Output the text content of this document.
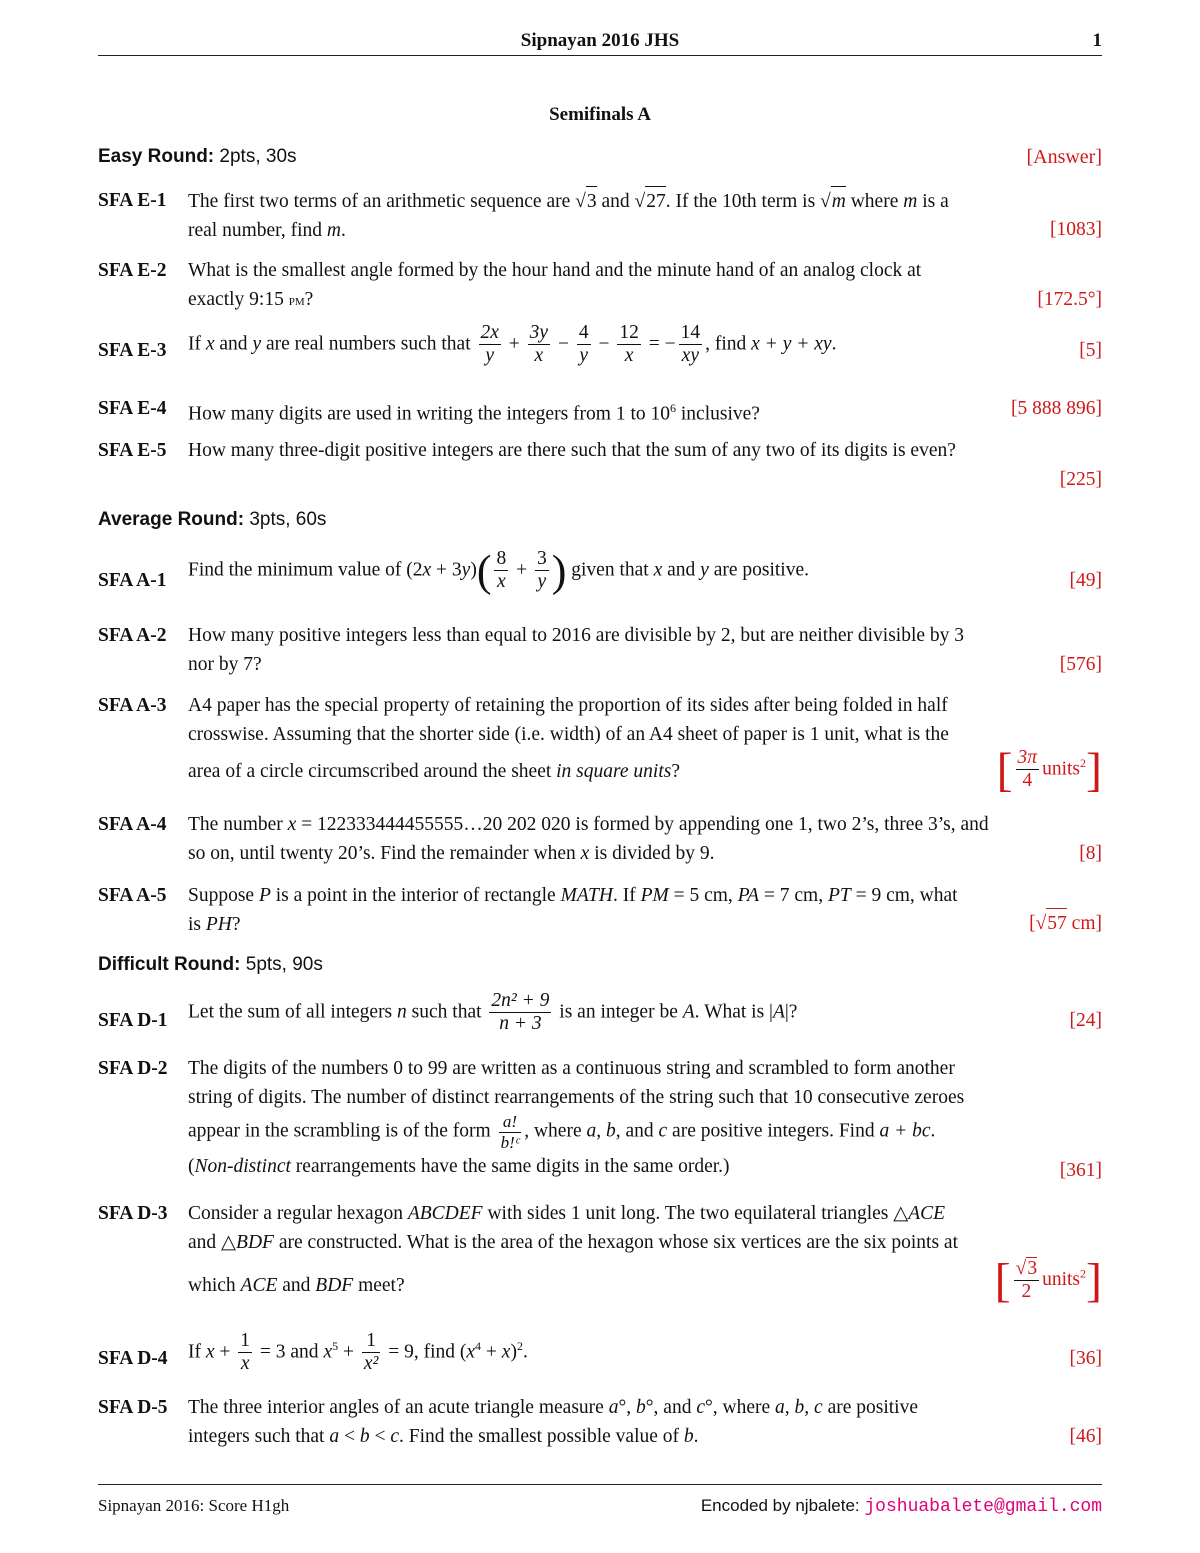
Sipnayan 2016 JHS	1
Semifinals A
Easy Round: 2pts, 30s	[Answer]
SFA E-1 The first two terms of an arithmetic sequence are √3 and √27. If the 10th term is √m where m is a
real number, find m.	[1083]
SFA E-2 What is the smallest angle formed by the hour hand and the minute hand of an analog clock at
exactly 9:15 pm?	[172.5°]
SFA E-3 If x and y are real numbers such that $\frac{2x}{y} + \frac{3y}{x} - \frac{4}{y} - \frac{12}{x}$ = − $\frac{14}{xy}$ , find x + y + xy.	[5]
SFA E-4 How many digits are used in writing the integers from 1 to $10^6$ inclusive?	[5 888 896]
SFA E-5 How many three-digit positive integers are there such that the sum of any two of its digits is even?
[225]
Average Round: 3pts, 60s
SFA A-1
Find the minimum value of $(2x + 3y)( \frac{8}{x} + \frac{3}{y}$ ) given that x and y are positive.
[49]
SFA A-2 How many positive integers less than equal to 2016 are divisible by 2, but are neither divisible by 3
nor by 7?	[576]
SFA A-3 A4 paper has the special property of retaining the proportion of its sides after being folded in half
crosswise. Assuming that the shorter side (i.e. width) of an A4 sheet of paper is 1 unit, what is the

area of a circle circumscribed around the sheet in square units?	[ $\frac{3\pi}{4}$ units$^2$]
SFA A-4 The number x = 122333444455555…20 202 020 is formed by appending one 1, two 2’s, three 3’s, and
so on, until twenty 20’s. Find the remainder when x is divided by 9.	[8]
SFA A-5 Suppose P is a point in the interior of rectangle MATH. If PM = 5 cm, PA = 7 cm, PT = 9 cm, what
is PH?	[√57 cm]
Difficult Round: 5pts, 90s
SFA D-1 Let the sum of all integers n such that $\frac{\text{2n² + 9}}{n + 3}$ is an integer be A. What is |A|?	[24]
SFA D-2 The digits of the numbers 0 to 99 are written as a continuous string and scrambled to form another
string of digits. The number of distinct rearrangements of the string such that 10 consecutive zeroes
appear in the scrambling is of the form $\frac{a!}{\text{b!ᶜ}}$ , where a, b, and c are positive integers. Find a + bc.
(Non-distinct rearrangements have the same digits in the same order.)	[361]
SFA D-3 Consider a regular hexagon ABCDEF with sides 1 unit long. The two equilateral triangles △ACE
and △BDF are constructed. What is the area of the hexagon whose six vertices are the six points at

which ACE and BDF meet?	[ $\frac{√3}{2}$ units$^2$]
SFA D-4 If $x + \frac{1}{x} = 3$ and $x^5 + \frac{1}{\text{x²}} = 9$, find $(x^4 + x)^2$.	[36]
SFA D-5 The three interior angles of an acute triangle measure a°, b°, and c°, where a, b, c are positive
integers such that a < b < c. Find the smallest possible value of b.	[46]
Sipnayan 2016: Score H1gh	Encoded by njbalete: joshuabalete@gmail.com
